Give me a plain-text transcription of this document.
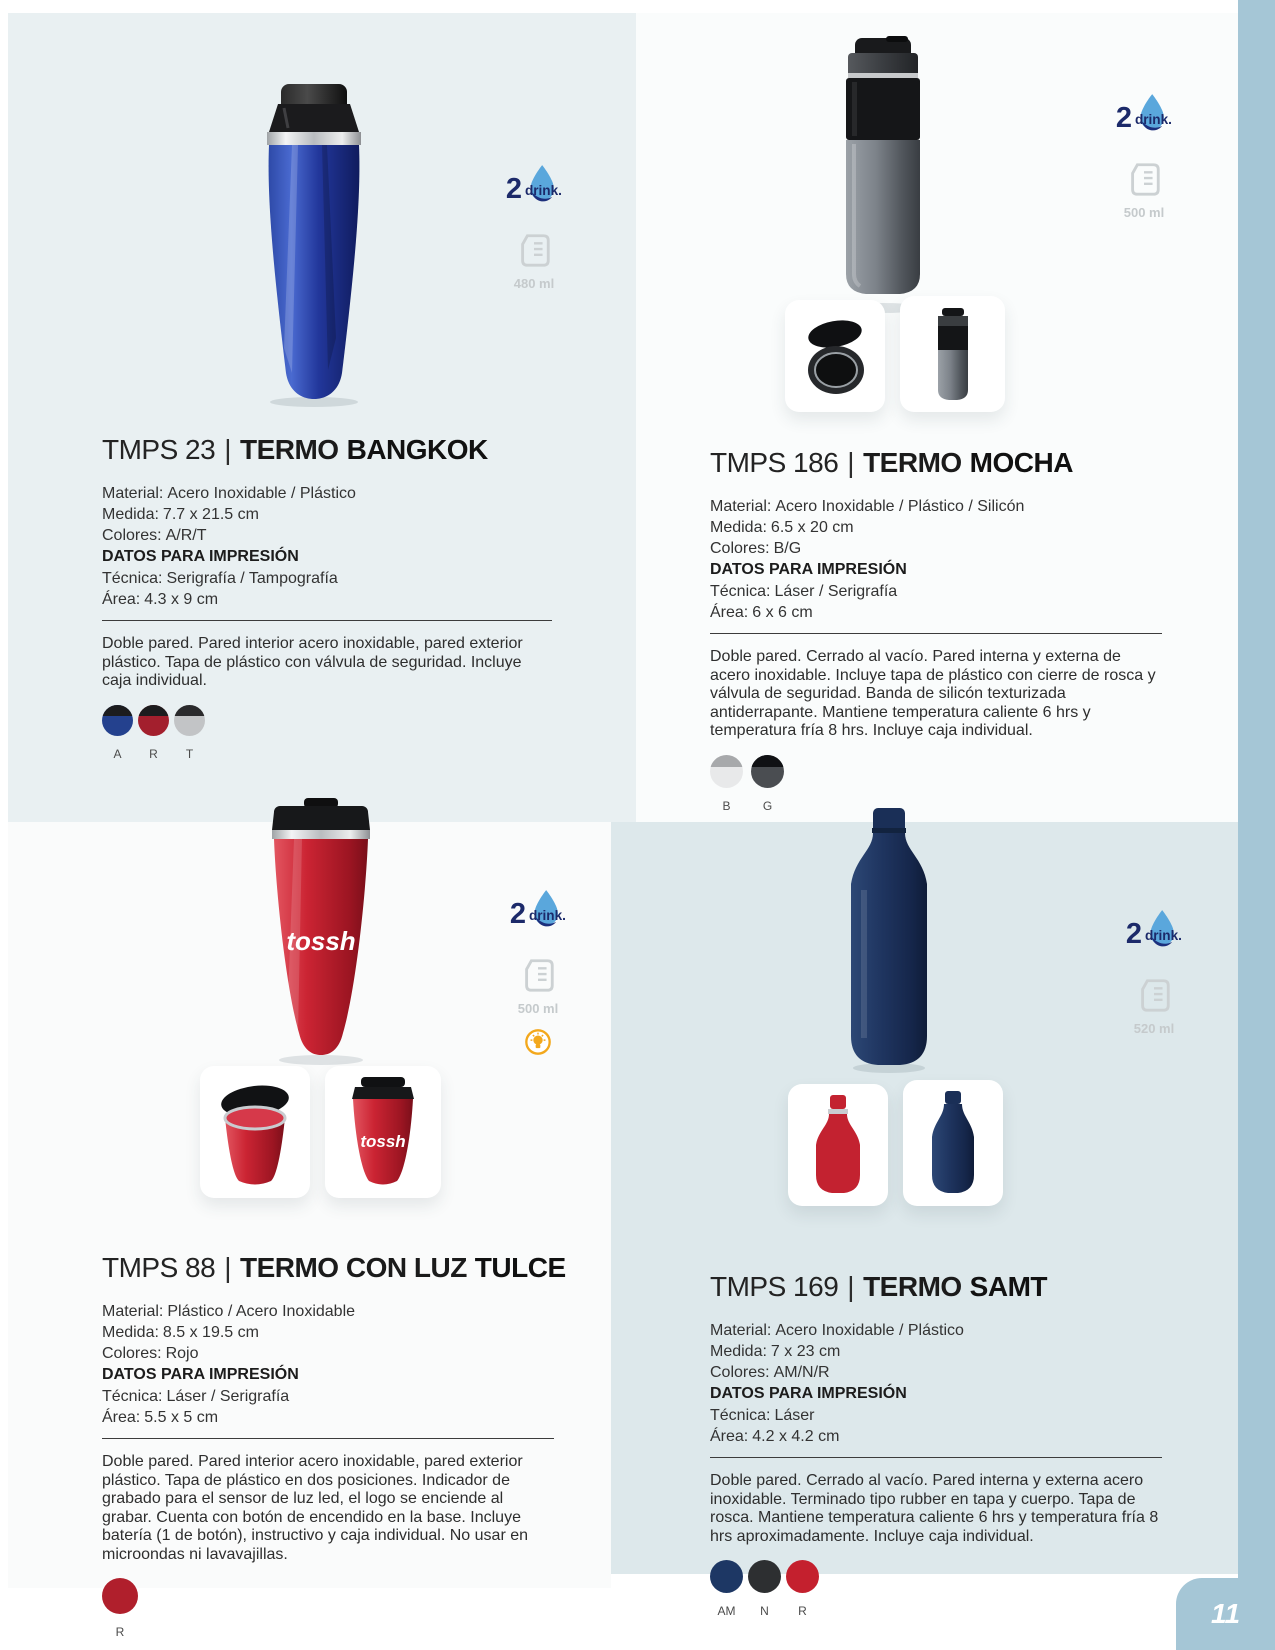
2 drink.
480 ml
TMPS 23 | TERMO BANGKOK
Material: Acero Inoxidable / Plástico
Medida: 7.7 x 21.5 cm
Colores: A/R/T
DATOS PARA IMPRESIÓN
Técnica: Serigrafía / Tampografía
Área: 4.3 x 9 cm

Doble pared. Pared interior acero inoxidable, pared exterior plástico. Tapa de plástico con válvula de seguridad. Incluye caja individual.

A R T
2 drink.
500 ml
TMPS 186 | TERMO MOCHA
Material: Acero Inoxidable / Plástico / Silicón
Medida: 6.5 x 20 cm
Colores: B/G
DATOS PARA IMPRESIÓN
Técnica: Láser / Serigrafía
Área: 6 x 6 cm

Doble pared. Cerrado al vacío. Pared interna y externa de acero inoxidable. Incluye tapa de plástico con cierre de rosca y válvula de seguridad. Banda de silicón texturizada antiderrapante. Mantiene temperatura caliente 6 hrs y temperatura fría 8 hrs. Incluye caja individual.

B	G
tossh
tossh
2 drink.
500 ml
TMPS 88 | TERMO CON LUZ TULCE
Material: Plástico / Acero Inoxidable
Medida: 8.5 x 19.5 cm
Colores: Rojo
DATOS PARA IMPRESIÓN
Técnica: Láser / Serigrafía
Área: 5.5 x 5 cm

Doble pared. Pared interior acero inoxidable, pared exterior plástico. Tapa de plástico en dos posiciones. Indicador de grabado para el sensor de luz led, el logo se enciende al grabar. Cuenta con botón de encendido en la base. Incluye batería (1 de botón), instructivo y caja individual. No usar en microondas ni lavavajillas.

R
2 drink.
520 ml
TMPS 169 | TERMO SAMT
Material: Acero Inoxidable / Plástico
Medida: 7 x 23 cm
Colores: AM/N/R
DATOS PARA IMPRESIÓN
Técnica: Láser
Área: 4.2 x 4.2 cm

Doble pared. Cerrado al vacío. Pared interna y externa acero inoxidable. Terminado tipo rubber en tapa y cuerpo. Tapa de rosca. Mantiene temperatura caliente 6 hrs y temperatura fría 8 hrs aproximadamente. Incluye caja individual.

AM N R	11
